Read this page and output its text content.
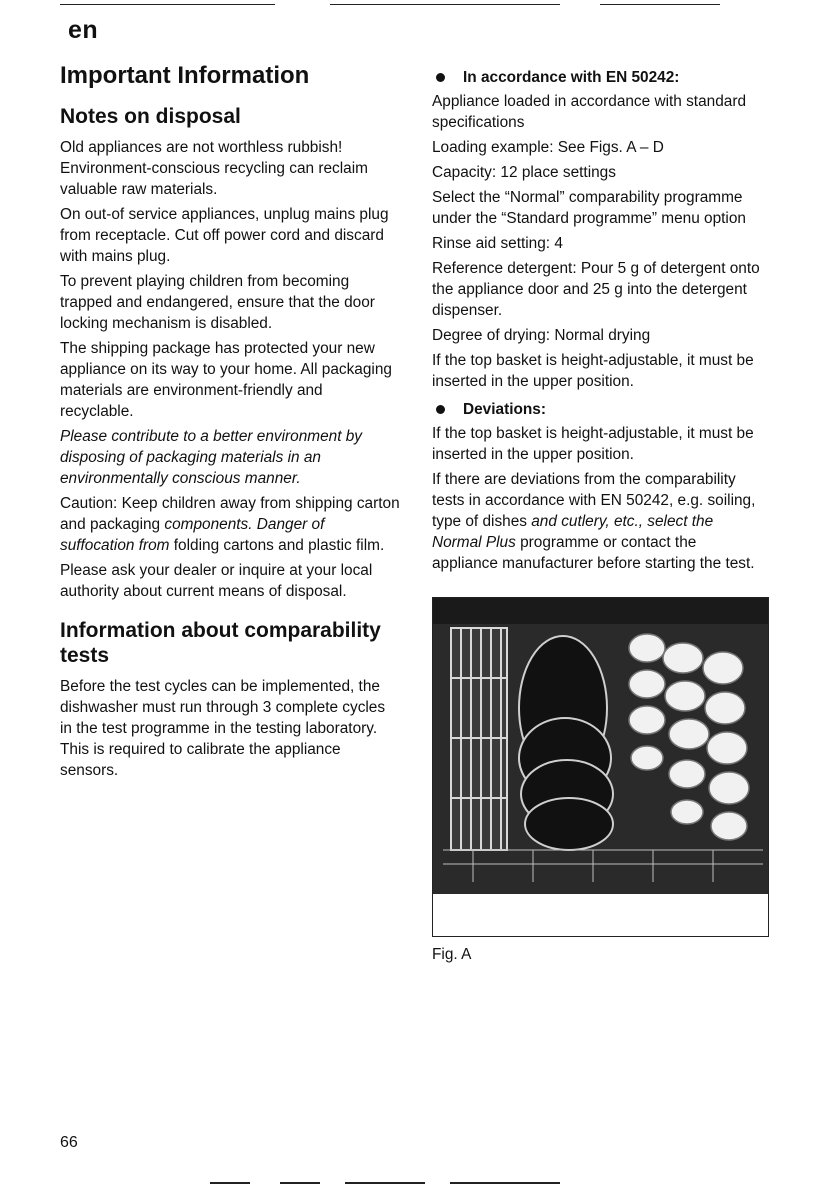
en
Important Information
Notes on disposal

Old appliances are not worthless rubbish! Environment-conscious recycling can reclaim valuable raw materials.

On out-of service appliances, unplug mains plug from receptacle. Cut off power cord and discard with mains plug.

To prevent playing children from becoming trapped and endangered, ensure that the door locking mechanism is disabled.

The shipping package has protected your new appliance on its way to your home. All packaging materials are environment-friendly and recyclable.

Please contribute to a better environment by disposing of packaging materials in an environmentally conscious manner.

Caution: Keep children away from shipping carton and packaging components. Danger of suffocation from folding cartons and plastic film.

Please ask your dealer or inquire at your local authority about current means of disposal.

Information about comparability tests

Before the test cycles can be implemented, the dishwasher must run through 3 complete cycles in the test programme in the testing laboratory. This is required to calibrate the appliance sensors.

In accordance with EN 50242:

Appliance loaded in accordance with standard specifications

Loading example: See Figs. A – D

Capacity: 12 place settings

Select the “Normal” comparability programme under the “Standard programme” menu option

Rinse aid setting: 4

Reference detergent: Pour 5 g of detergent onto the appliance door and 25 g into the detergent dispenser.

Degree of drying: Normal drying

If the top basket is height-adjustable, it must be inserted in the upper position.

Deviations:

If the top basket is height-adjustable, it must be inserted in the upper position.

If there are deviations from the comparability tests in accordance with EN 50242, e.g. soiling, type of dishes and cutlery, etc., select the Normal Plus programme or contact the appliance manufacturer before starting the test.

Fig. A
66
